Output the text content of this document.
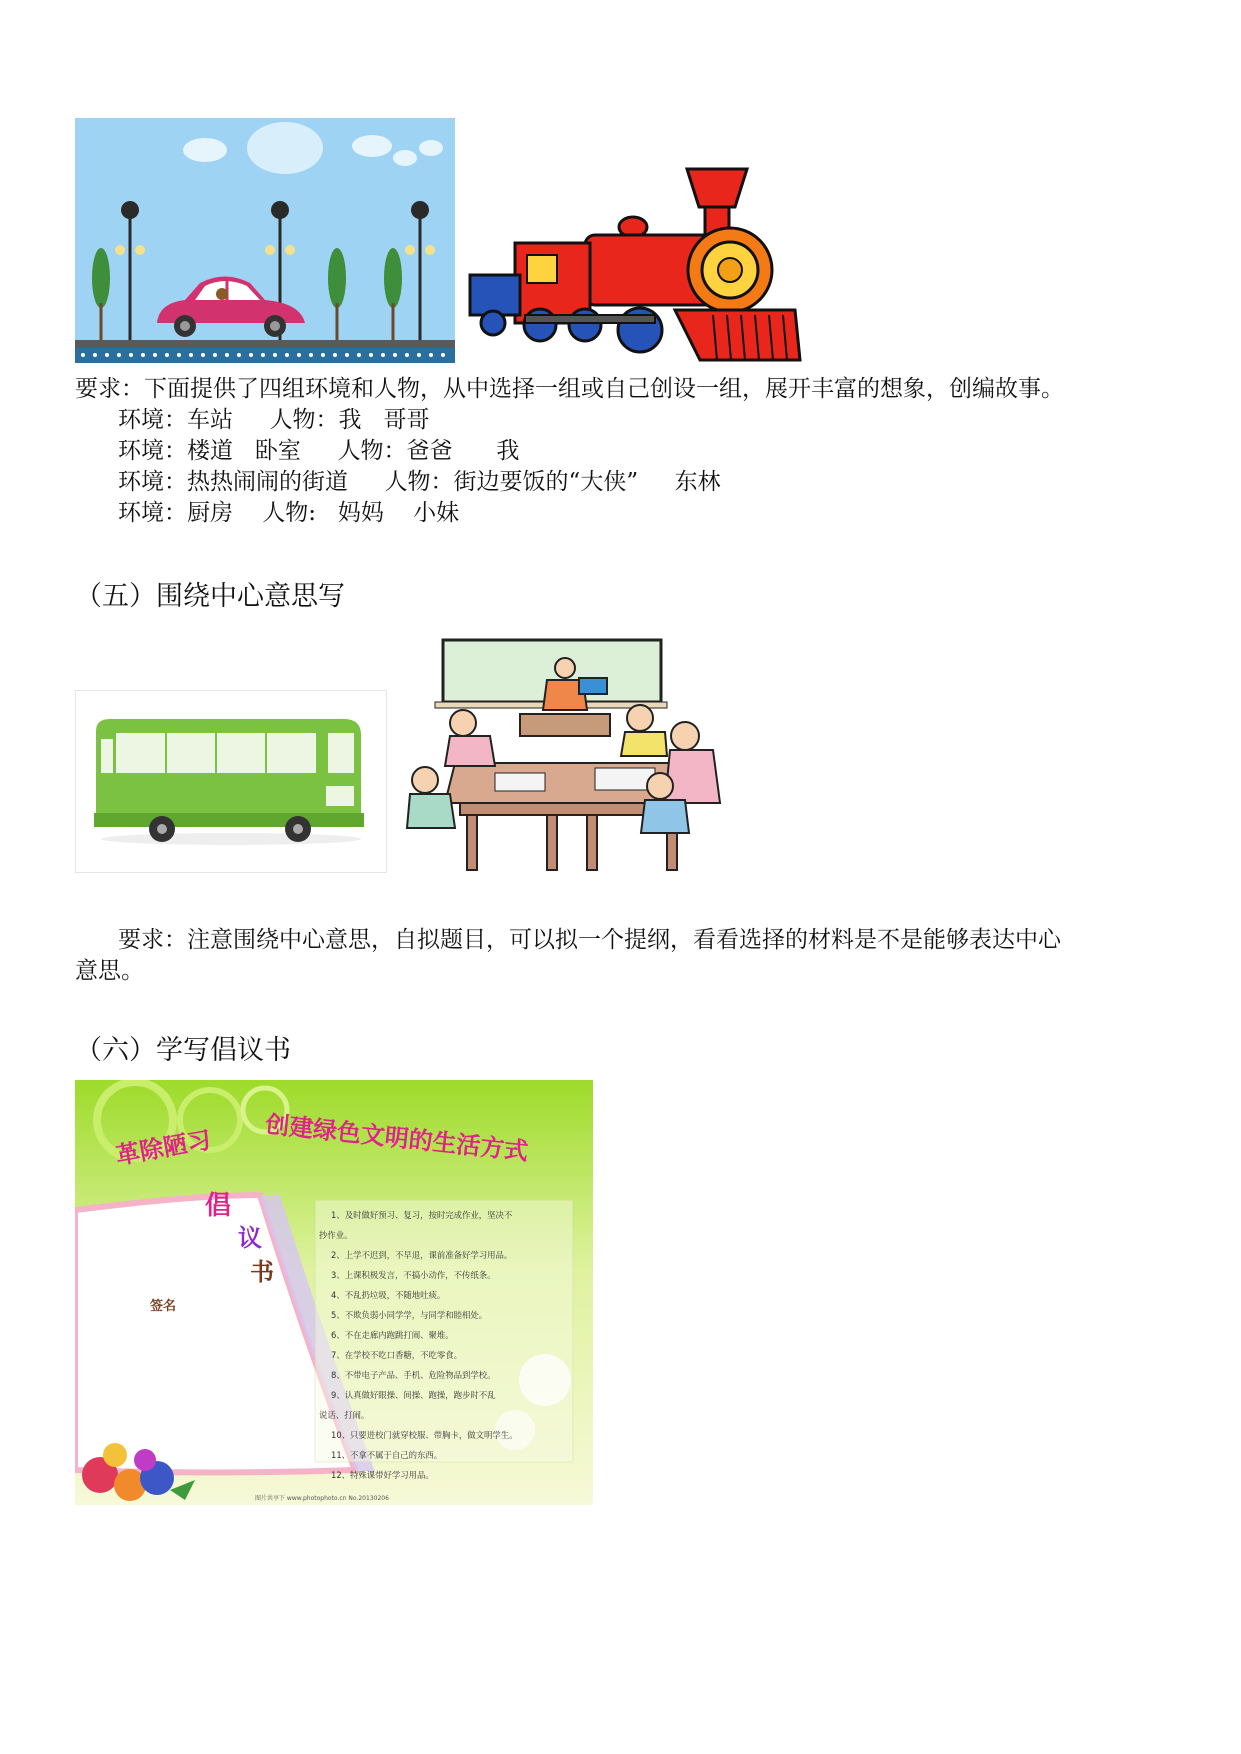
要求：下面提供了四组环境和人物，从中选择一组或自己创设一组，展开丰富的想象，创编故事。
环境：车站     人物：我   哥哥
环境：楼道   卧室     人物：爸爸      我
环境：热热闹闹的街道     人物：街边要饭的“大侠”     东林
环境：厨房    人物:   妈妈    小妹
（五）围绕中心意思写
要求：注意围绕中心意思，自拟题目，可以拟一个提纲，看看选择的材料是不是能够表达中心
意思。
（六）学写倡议书
革除陋习 创建绿色文明的生活方式
倡
议
书
签名
1、及时做好预习、复习，按时完成作业，坚决不
抄作业。
2、上学不迟到，不早退，课前准备好学习用品。
3、上课积极发言，不搞小动作，不传纸条。
4、不乱扔垃圾，不随地吐痰。
5、不欺负弱小同学学，与同学和睦相处。
6、不在走廊内跑跳打闹、聚堆。
7、在学校不吃口香糖，不吃零食。
8、不带电子产品、手机、危险物品到学校。
9、认真做好眼操、间操、跑操，跑步时不乱
说话、打闹。
10、只要进校门就穿校服、带胸卡，做文明学生。
11、不拿不属于自己的东西。
12、特殊课带好学习用品。
图片共享下 www.photophoto.cn No.20130206
